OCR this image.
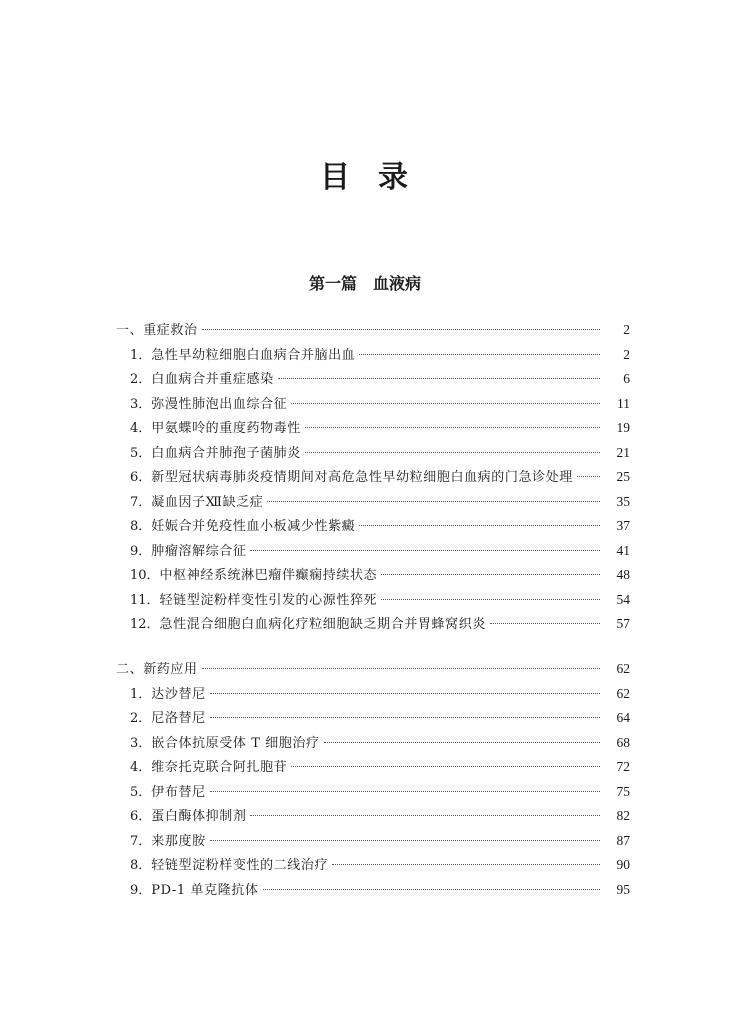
目 录
第一篇 血液病
一、重症救治	2
1． 急性早幼粒细胞白血病合并脑出血	2
2． 白血病合并重症感染	6
3． 弥漫性肺泡出血综合征	11
4． 甲氨蝶呤的重度药物毒性	19
5． 白血病合并肺孢子菌肺炎	21
6． 新型冠状病毒肺炎疫情期间对高危急性早幼粒细胞白血病的门急诊处理	25
7． 凝血因子Ⅻ缺乏症	35
8． 妊娠合并免疫性血小板减少性紫癜	37
9． 肿瘤溶解综合征	41
10． 中枢神经系统淋巴瘤伴癫痫持续状态	48
11． 轻链型淀粉样变性引发的心源性猝死	54
12． 急性混合细胞白血病化疗粒细胞缺乏期合并胃蜂窝织炎	57
二、新药应用	62
1． 达沙替尼	62
2． 尼洛替尼	64
3． 嵌合体抗原受体 T 细胞治疗	68
4． 维奈托克联合阿扎胞苷	72
5． 伊布替尼	75
6． 蛋白酶体抑制剂	82
7． 来那度胺	87
8． 轻链型淀粉样变性的二线治疗	90
9． PD-1 单克隆抗体	95
